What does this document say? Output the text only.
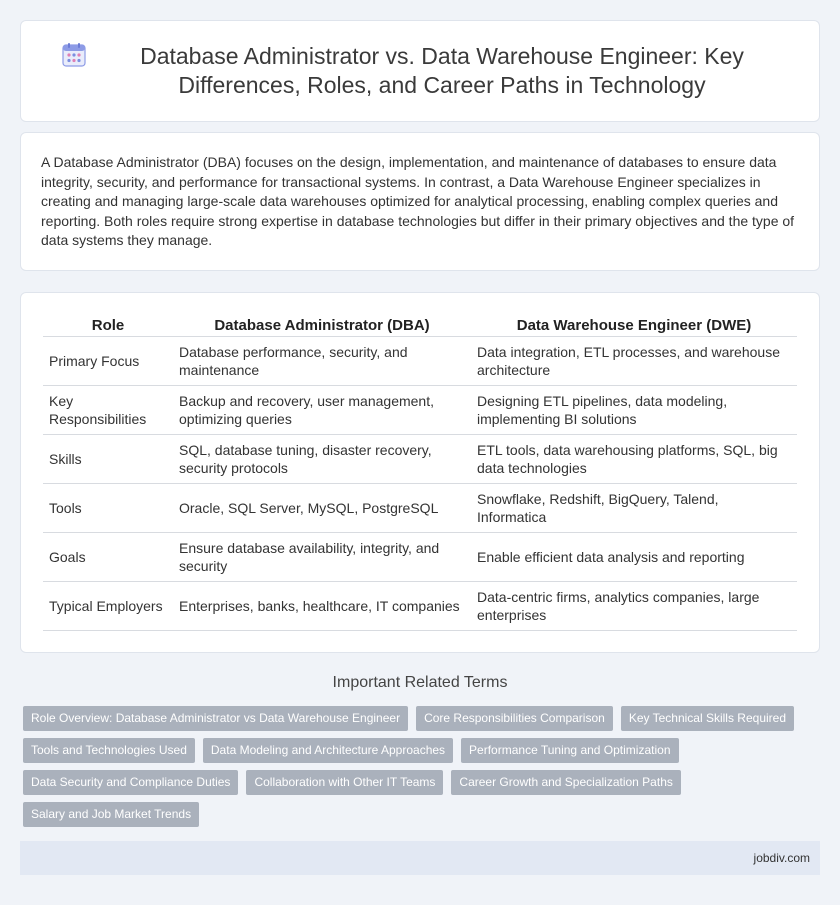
Database Administrator vs. Data Warehouse Engineer: Key Differences, Roles, and Career Paths in Technology

A Database Administrator (DBA) focuses on the design, implementation, and maintenance of databases to ensure data integrity, security, and performance for transactional systems. In contrast, a Data Warehouse Engineer specializes in creating and managing large-scale data warehouses optimized for analytical processing, enabling complex queries and reporting. Both roles require strong expertise in database technologies but differ in their primary objectives and the type of data systems they manage.

Role	Database Administrator (DBA)	Data Warehouse Engineer (DWE)
Primary Focus	Database performance, security, and maintenance	Data integration, ETL processes, and warehouse architecture
Key Responsibilities	Backup and recovery, user management, optimizing queries	Designing ETL pipelines, data modeling, implementing BI solutions
Skills	SQL, database tuning, disaster recovery, security protocols	ETL tools, data warehousing platforms, SQL, big data technologies
Tools	Oracle, SQL Server, MySQL, PostgreSQL	Snowflake, Redshift, BigQuery, Talend, Informatica
Goals	Ensure database availability, integrity, and security	Enable efficient data analysis and reporting
Typical Employers	Enterprises, banks, healthcare, IT companies	Data-centric firms, analytics companies, large enterprises
Important Related Terms
Role Overview: Database Administrator vs Data Warehouse Engineer	Core Responsibilities Comparison	Key Technical Skills Required
Tools and Technologies Used	Data Modeling and Architecture Approaches	Performance Tuning and Optimization
Data Security and Compliance Duties	Collaboration with Other IT Teams	Career Growth and Specialization Paths
Salary and Job Market Trends
jobdiv.com
